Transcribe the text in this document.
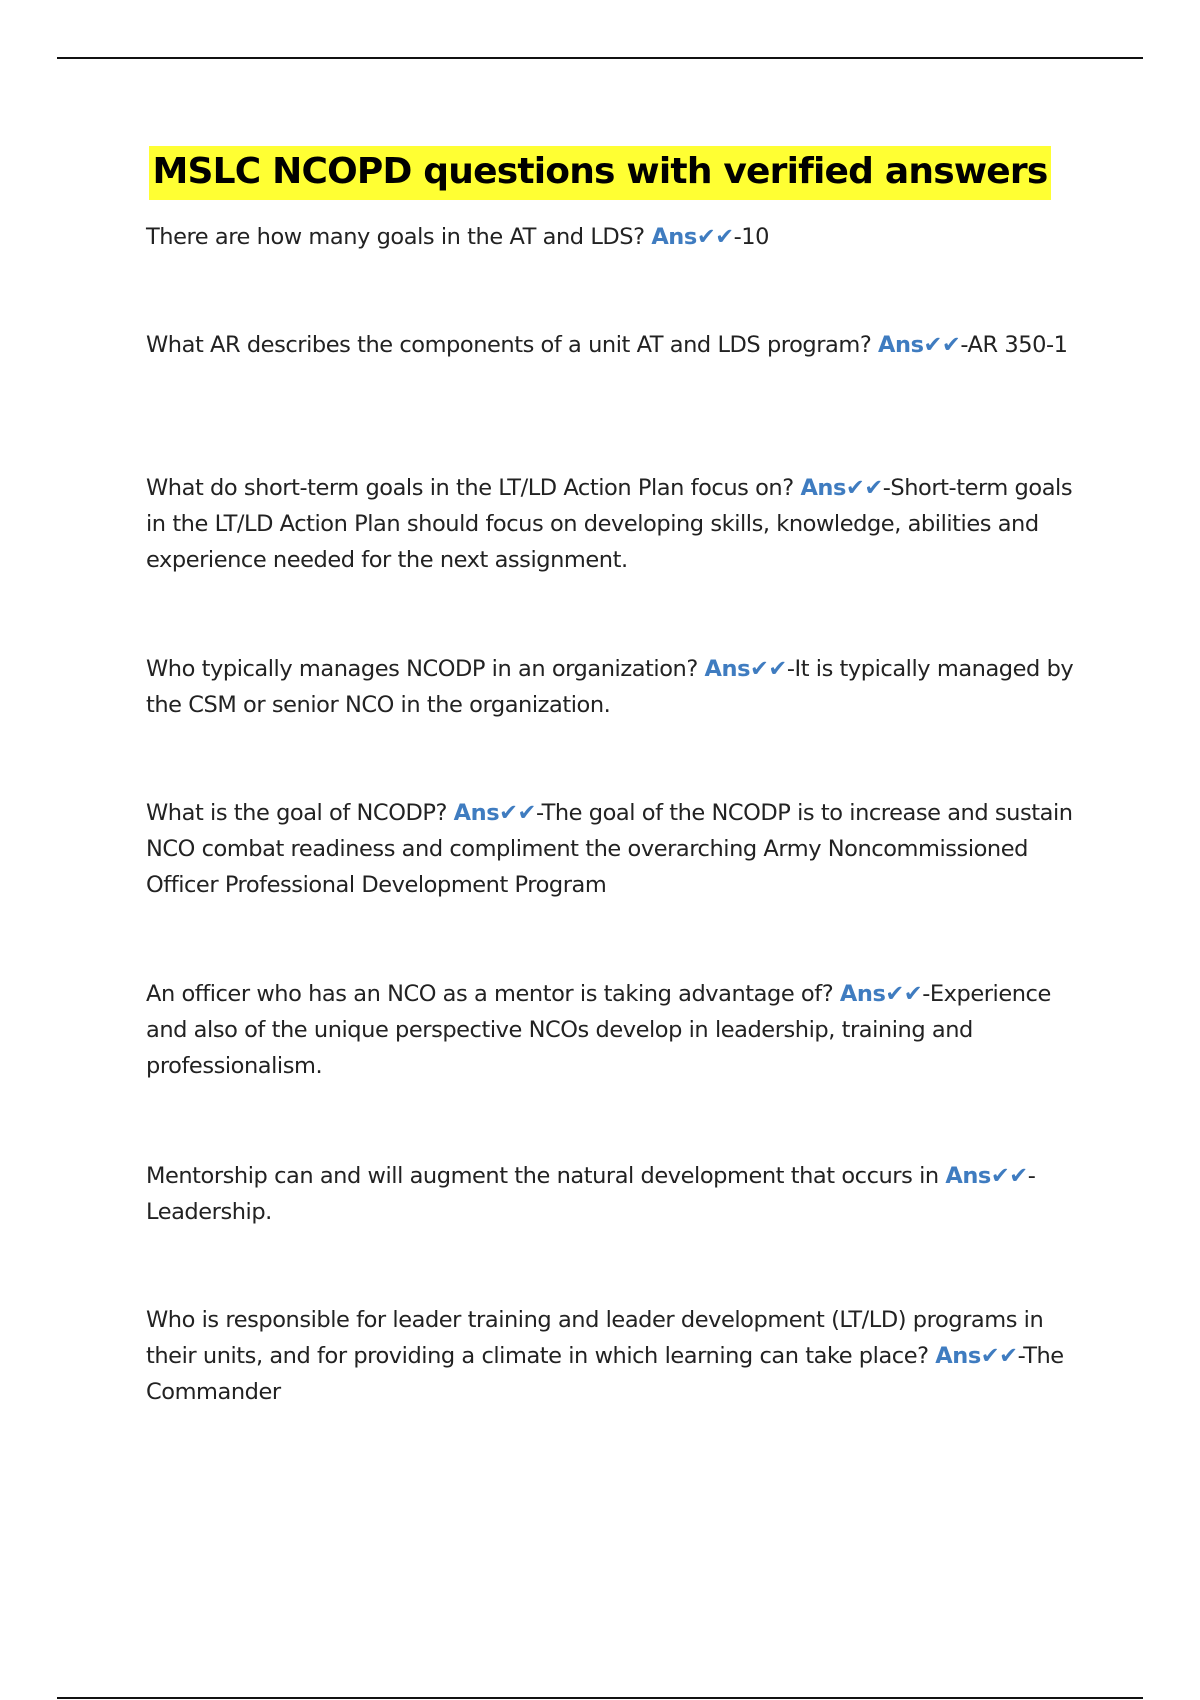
MSLC NCOPD questions with verified answers

There are how many goals in the AT and LDS? Ans✔✔-10

What AR describes the components of a unit AT and LDS program? Ans✔✔-AR 350-1

What do short-term goals in the LT/LD Action Plan focus on? Ans✔✔-Short-term goals in the LT/LD Action Plan should focus on developing skills, knowledge, abilities and experience needed for the next assignment.

Who typically manages NCODP in an organization? Ans✔✔-It is typically managed by the CSM or senior NCO in the organization.

What is the goal of NCODP? Ans✔✔-The goal of the NCODP is to increase and sustain NCO combat readiness and compliment the overarching Army Noncommissioned Officer Professional Development Program

An officer who has an NCO as a mentor is taking advantage of? Ans✔✔-Experience and also of the unique perspective NCOs develop in leadership, training and professionalism.

Mentorship can and will augment the natural development that occurs in Ans✔✔-Leadership.

Who is responsible for leader training and leader development (LT/LD) programs in their units, and for providing a climate in which learning can take place? Ans✔✔-The Commander
